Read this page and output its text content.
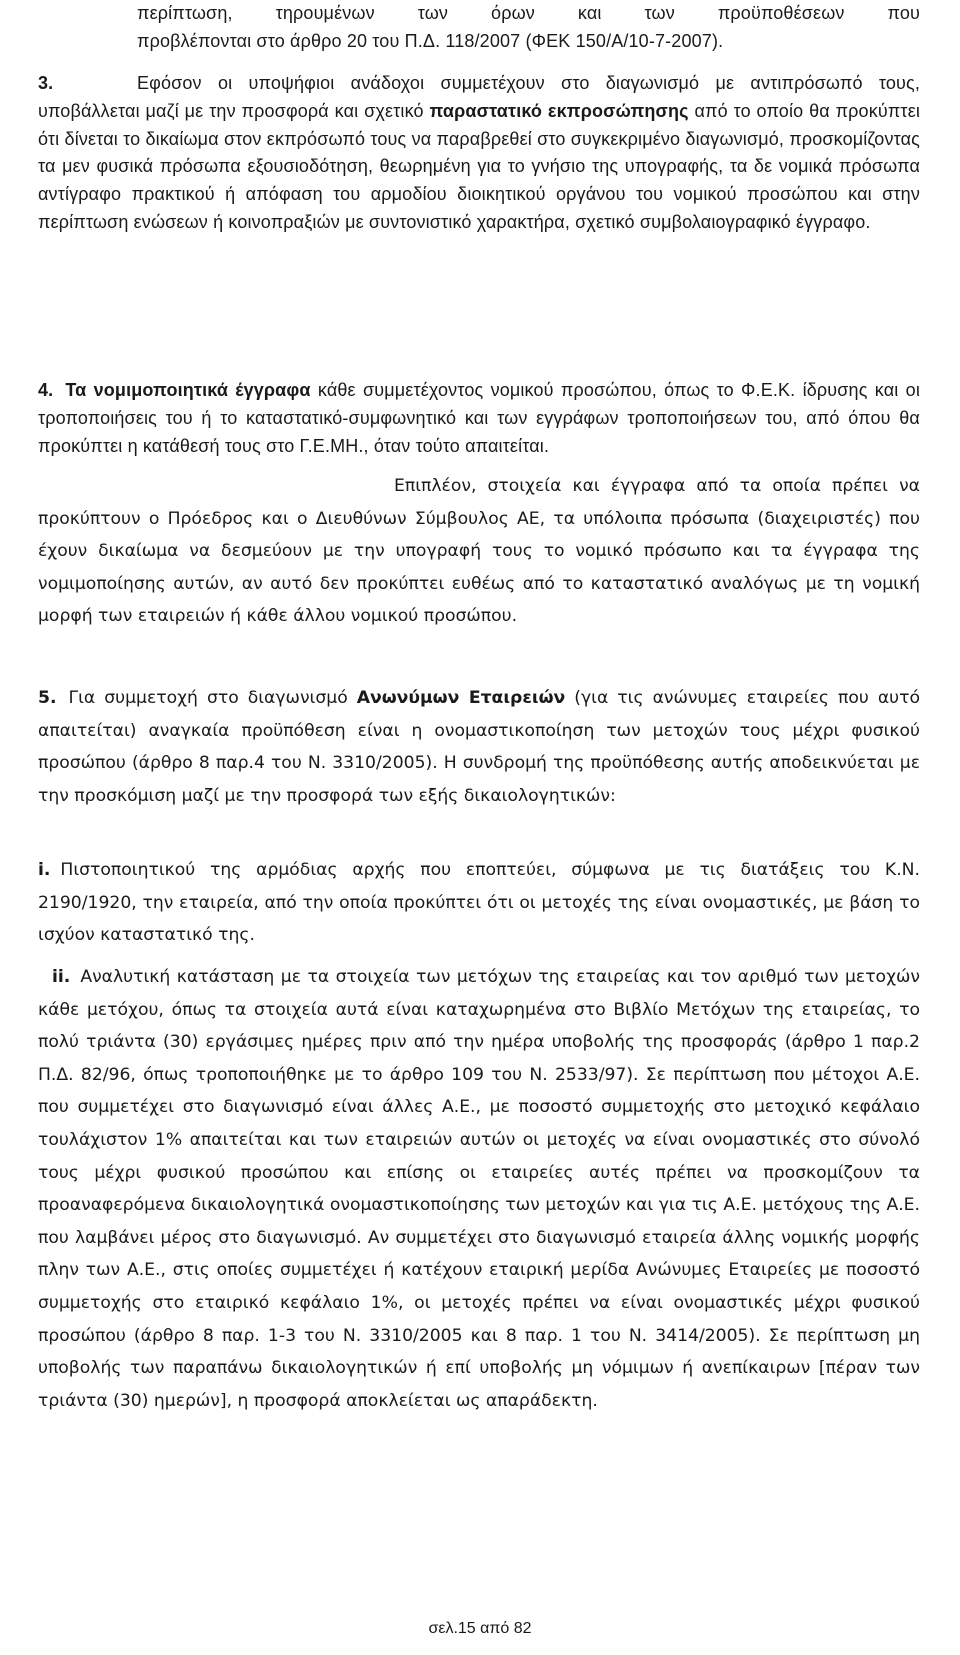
περίπτωση, τηρουμένων των όρων και των προϋποθέσεων που
προβλέπονται στο άρθρο 20 του Π.Δ. 118/2007 (ΦΕΚ 150/Α/10-7-2007).
3.	Εφόσον οι υποψήφιοι ανάδοχοι συμμετέχουν στο διαγωνισμό με αντιπρόσωπό τους, υποβάλλεται μαζί με την προσφορά και σχετικό παραστατικό εκπροσώπησης από το οποίο θα προκύπτει ότι δίνεται το δικαίωμα στον εκπρόσωπό τους να παραβρεθεί στο συγκεκριμένο διαγωνισμό, προσκομίζοντας τα μεν φυσικά πρόσωπα εξουσιοδότηση, θεωρημένη για το γνήσιο της υπογραφής, τα δε νομικά πρόσωπα αντίγραφο πρακτικού ή απόφαση του αρμοδίου διοικητικού οργάνου του νομικού προσώπου και στην περίπτωση ενώσεων ή κοινοπραξιών με συντονιστικό χαρακτήρα, σχετικό συμβολαιογραφικό έγγραφο.
4. Τα νομιμοποιητικά έγγραφα κάθε συμμετέχοντος νομικού προσώπου, όπως το Φ.Ε.Κ. ίδρυσης και οι τροποποιήσεις του ή το καταστατικό-συμφωνητικό και των εγγράφων τροποποιήσεων του, από όπου θα προκύπτει η κατάθεσή τους στο Γ.Ε.ΜΗ., όταν τούτο απαιτείται.
Επιπλέον, στοιχεία και έγγραφα από τα οποία πρέπει να προκύπτουν ο Πρόεδρος και ο Διευθύνων Σύμβουλος ΑΕ, τα υπόλοιπα πρόσωπα (διαχειριστές) που έχουν δικαίωμα να δεσμεύουν με την υπογραφή τους το νομικό πρόσωπο και τα έγγραφα της νομιμοποίησης αυτών, αν αυτό δεν προκύπτει ευθέως από το καταστατικό αναλόγως με τη νομική μορφή των εταιρειών ή κάθε άλλου νομικού προσώπου.
5. Για συμμετοχή στο διαγωνισμό Ανωνύμων Εταιρειών (για τις ανώνυμες εταιρείες που αυτό απαιτείται) αναγκαία προϋπόθεση είναι η ονομαστικοποίηση των μετοχών τους μέχρι φυσικού προσώπου (άρθρο 8 παρ.4 του Ν. 3310/2005). Η συνδρομή της προϋπόθεσης αυτής αποδεικνύεται με την προσκόμιση μαζί με την προσφορά των εξής δικαιολογητικών:
i. Πιστοποιητικού της αρμόδιας αρχής που εποπτεύει, σύμφωνα με τις διατάξεις του Κ.Ν. 2190/1920, την εταιρεία, από την οποία προκύπτει ότι οι μετοχές της είναι ονομαστικές, με βάση το ισχύον καταστατικό της.
ii. Αναλυτική κατάσταση με τα στοιχεία των μετόχων της εταιρείας και τον αριθμό των μετοχών κάθε μετόχου, όπως τα στοιχεία αυτά είναι καταχωρημένα στο Βιβλίο Μετόχων της εταιρείας, το πολύ τριάντα (30) εργάσιμες ημέρες πριν από την ημέρα υποβολής της προσφοράς (άρθρο 1 παρ.2 Π.Δ. 82/96, όπως τροποποιήθηκε με το άρθρο 109 του Ν. 2533/97). Σε περίπτωση που μέτοχοι Α.Ε. που συμμετέχει στο διαγωνισμό είναι άλλες Α.Ε., με ποσοστό συμμετοχής στο μετοχικό κεφάλαιο τουλάχιστον 1% απαιτείται και των εταιρειών αυτών οι μετοχές να είναι ονομαστικές στο σύνολό τους μέχρι φυσικού προσώπου και επίσης οι εταιρείες αυτές πρέπει να προσκομίζουν τα προαναφερόμενα δικαιολογητικά ονομαστικοποίησης των μετοχών και για τις Α.Ε. μετόχους της Α.Ε. που λαμβάνει μέρος στο διαγωνισμό. Αν συμμετέχει στο διαγωνισμό εταιρεία άλλης νομικής μορφής πλην των Α.Ε., στις οποίες συμμετέχει ή κατέχουν εταιρική μερίδα Ανώνυμες Εταιρείες με ποσοστό συμμετοχής στο εταιρικό κεφάλαιο 1%, οι μετοχές πρέπει να είναι ονομαστικές μέχρι φυσικού προσώπου (άρθρο 8 παρ. 1-3 του Ν. 3310/2005 και 8 παρ. 1 του Ν. 3414/2005). Σε περίπτωση μη υποβολής των παραπάνω δικαιολογητικών ή επί υποβολής μη νόμιμων ή ανεπίκαιρων [πέραν των τριάντα (30) ημερών], η προσφορά αποκλείεται ως απαράδεκτη.
σελ.15 από 82
